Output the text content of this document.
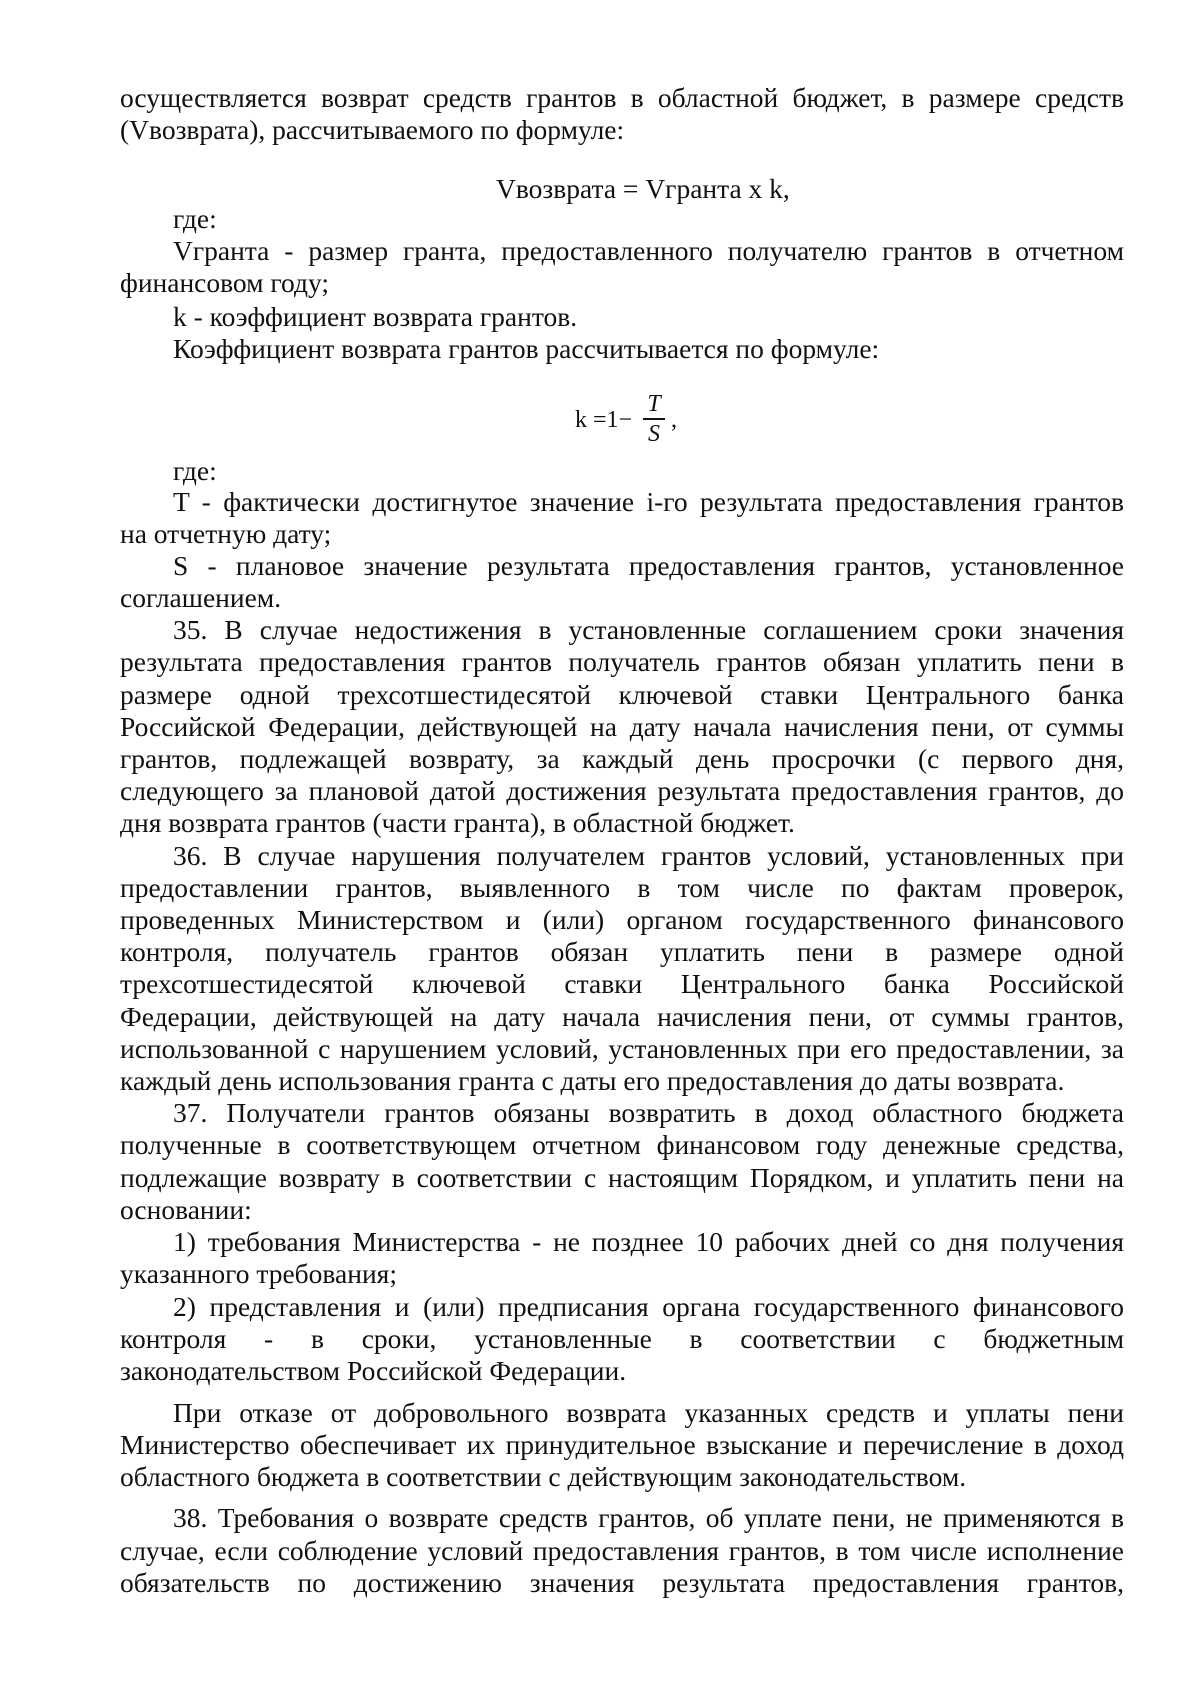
осуществляется возврат средств грантов в областной бюджет, в размере средств
(Vвозврата), рассчитываемого по формуле:
Vвозврата = Vгранта x k,
где:
Vгранта - размер гранта, предоставленного получателю грантов в отчетном
финансовом году;
k - коэффициент возврата грантов.
Коэффициент возврата грантов рассчитывается по формуле:
k =1−
T
S
,
где:
T - фактически достигнутое значение i-го результата предоставления грантов
на отчетную дату;
S - плановое значение результата предоставления грантов, установленное
соглашением.
35. В случае недостижения в установленные соглашением сроки значения
результата предоставления грантов получатель грантов обязан уплатить пени в
размере одной трехсотшестидесятой ключевой ставки Центрального банка
Российской Федерации, действующей на дату начала начисления пени, от суммы
грантов, подлежащей возврату, за каждый день просрочки (с первого дня,
следующего за плановой датой достижения результата предоставления грантов, до
дня возврата грантов (части гранта), в областной бюджет.
36. В случае нарушения получателем грантов условий, установленных при
предоставлении грантов, выявленного в том числе по фактам проверок,
проведенных Министерством и (или) органом государственного финансового
контроля, получатель грантов обязан уплатить пени в размере одной
трехсотшестидесятой ключевой ставки Центрального банка Российской
Федерации, действующей на дату начала начисления пени, от суммы грантов,
использованной с нарушением условий, установленных при его предоставлении, за
каждый день использования гранта с даты его предоставления до даты возврата.
37. Получатели грантов обязаны возвратить в доход областного бюджета
полученные в соответствующем отчетном финансовом году денежные средства,
подлежащие возврату в соответствии с настоящим Порядком, и уплатить пени на
основании:
1) требования Министерства - не позднее 10 рабочих дней со дня получения
указанного требования;
2) представления и (или) предписания органа государственного финансового
контроля - в сроки, установленные в соответствии с бюджетным
законодательством Российской Федерации.
При отказе от добровольного возврата указанных средств и уплаты пени
Министерство обеспечивает их принудительное взыскание и перечисление в доход
областного бюджета в соответствии с действующим законодательством.
38. Требования о возврате средств грантов, об уплате пени, не применяются в
случае, если соблюдение условий предоставления грантов, в том числе исполнение
обязательств по достижению значения результата предоставления грантов,
